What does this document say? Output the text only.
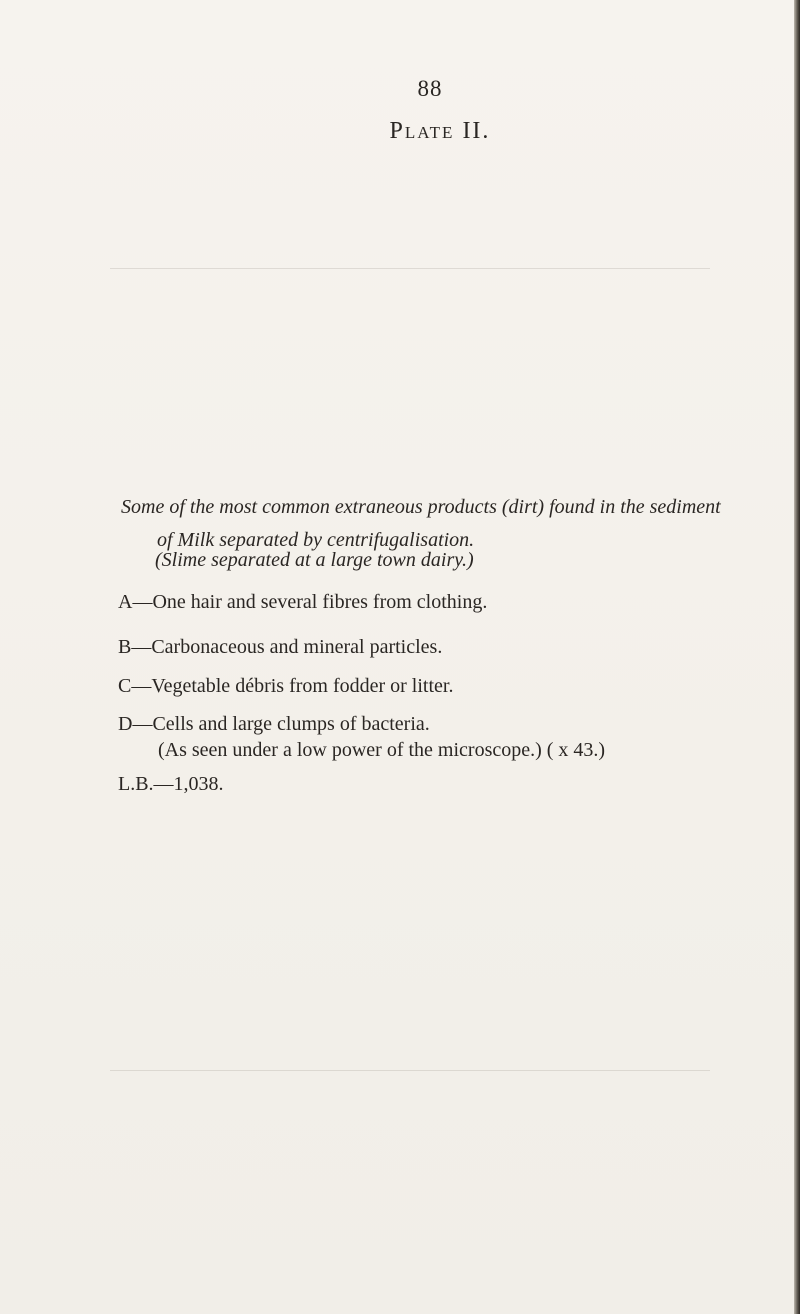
88
Plate II.
Some of the most common extraneous products (dirt) found in the sediment
of Milk separated by centrifugalisation.
(Slime separated at a large town dairy.)
A—One hair and several fibres from clothing.
B—Carbonaceous and mineral particles.
C—Vegetable débris from fodder or litter.
D—Cells and large clumps of bacteria.
(As seen under a low power of the microscope.) ( x 43.)
L.B.—1,038.
